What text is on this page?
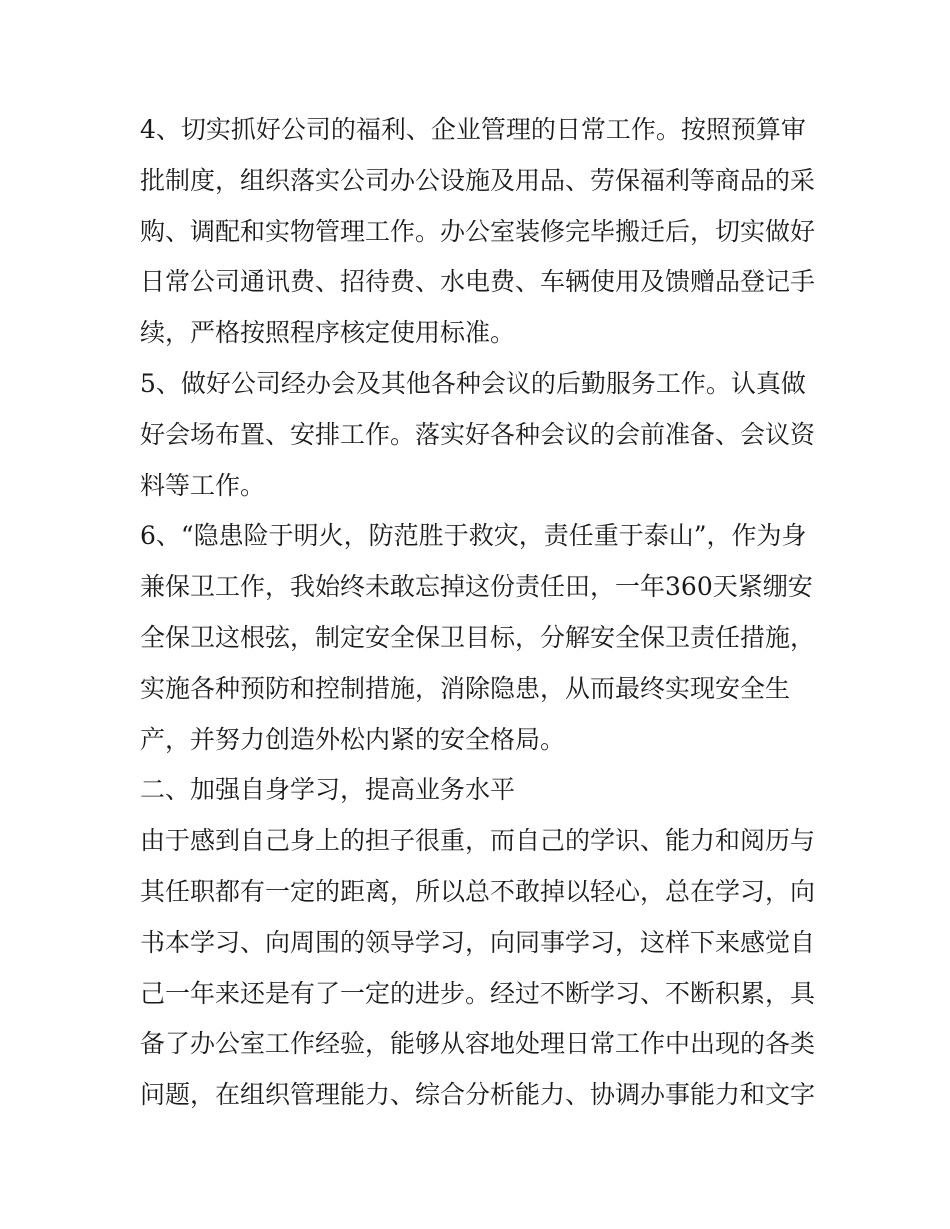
4、切实抓好公司的福利、企业管理的日常工作。按照预算审
批制度，组织落实公司办公设施及用品、劳保福利等商品的采
购、调配和实物管理工作。办公室装修完毕搬迁后，切实做好
日常公司通讯费、招待费、水电费、车辆使用及馈赠品登记手
续，严格按照程序核定使用标准。
5、做好公司经办会及其他各种会议的后勤服务工作。认真做
好会场布置、安排工作。落实好各种会议的会前准备、会议资
料等工作。
6、“隐患险于明火，防范胜于救灾，责任重于泰山”，作为身
兼保卫工作，我始终未敢忘掉这份责任田，一年360天紧绷安
全保卫这根弦，制定安全保卫目标，分解安全保卫责任措施，
实施各种预防和控制措施，消除隐患，从而最终实现安全生
产，并努力创造外松内紧的安全格局。
二、加强自身学习，提高业务水平
由于感到自己身上的担子很重，而自己的学识、能力和阅历与
其任职都有一定的距离，所以总不敢掉以轻心，总在学习，向
书本学习、向周围的领导学习，向同事学习，这样下来感觉自
己一年来还是有了一定的进步。经过不断学习、不断积累，具
备了办公室工作经验，能够从容地处理日常工作中出现的各类
问题，在组织管理能力、综合分析能力、协调办事能力和文字
